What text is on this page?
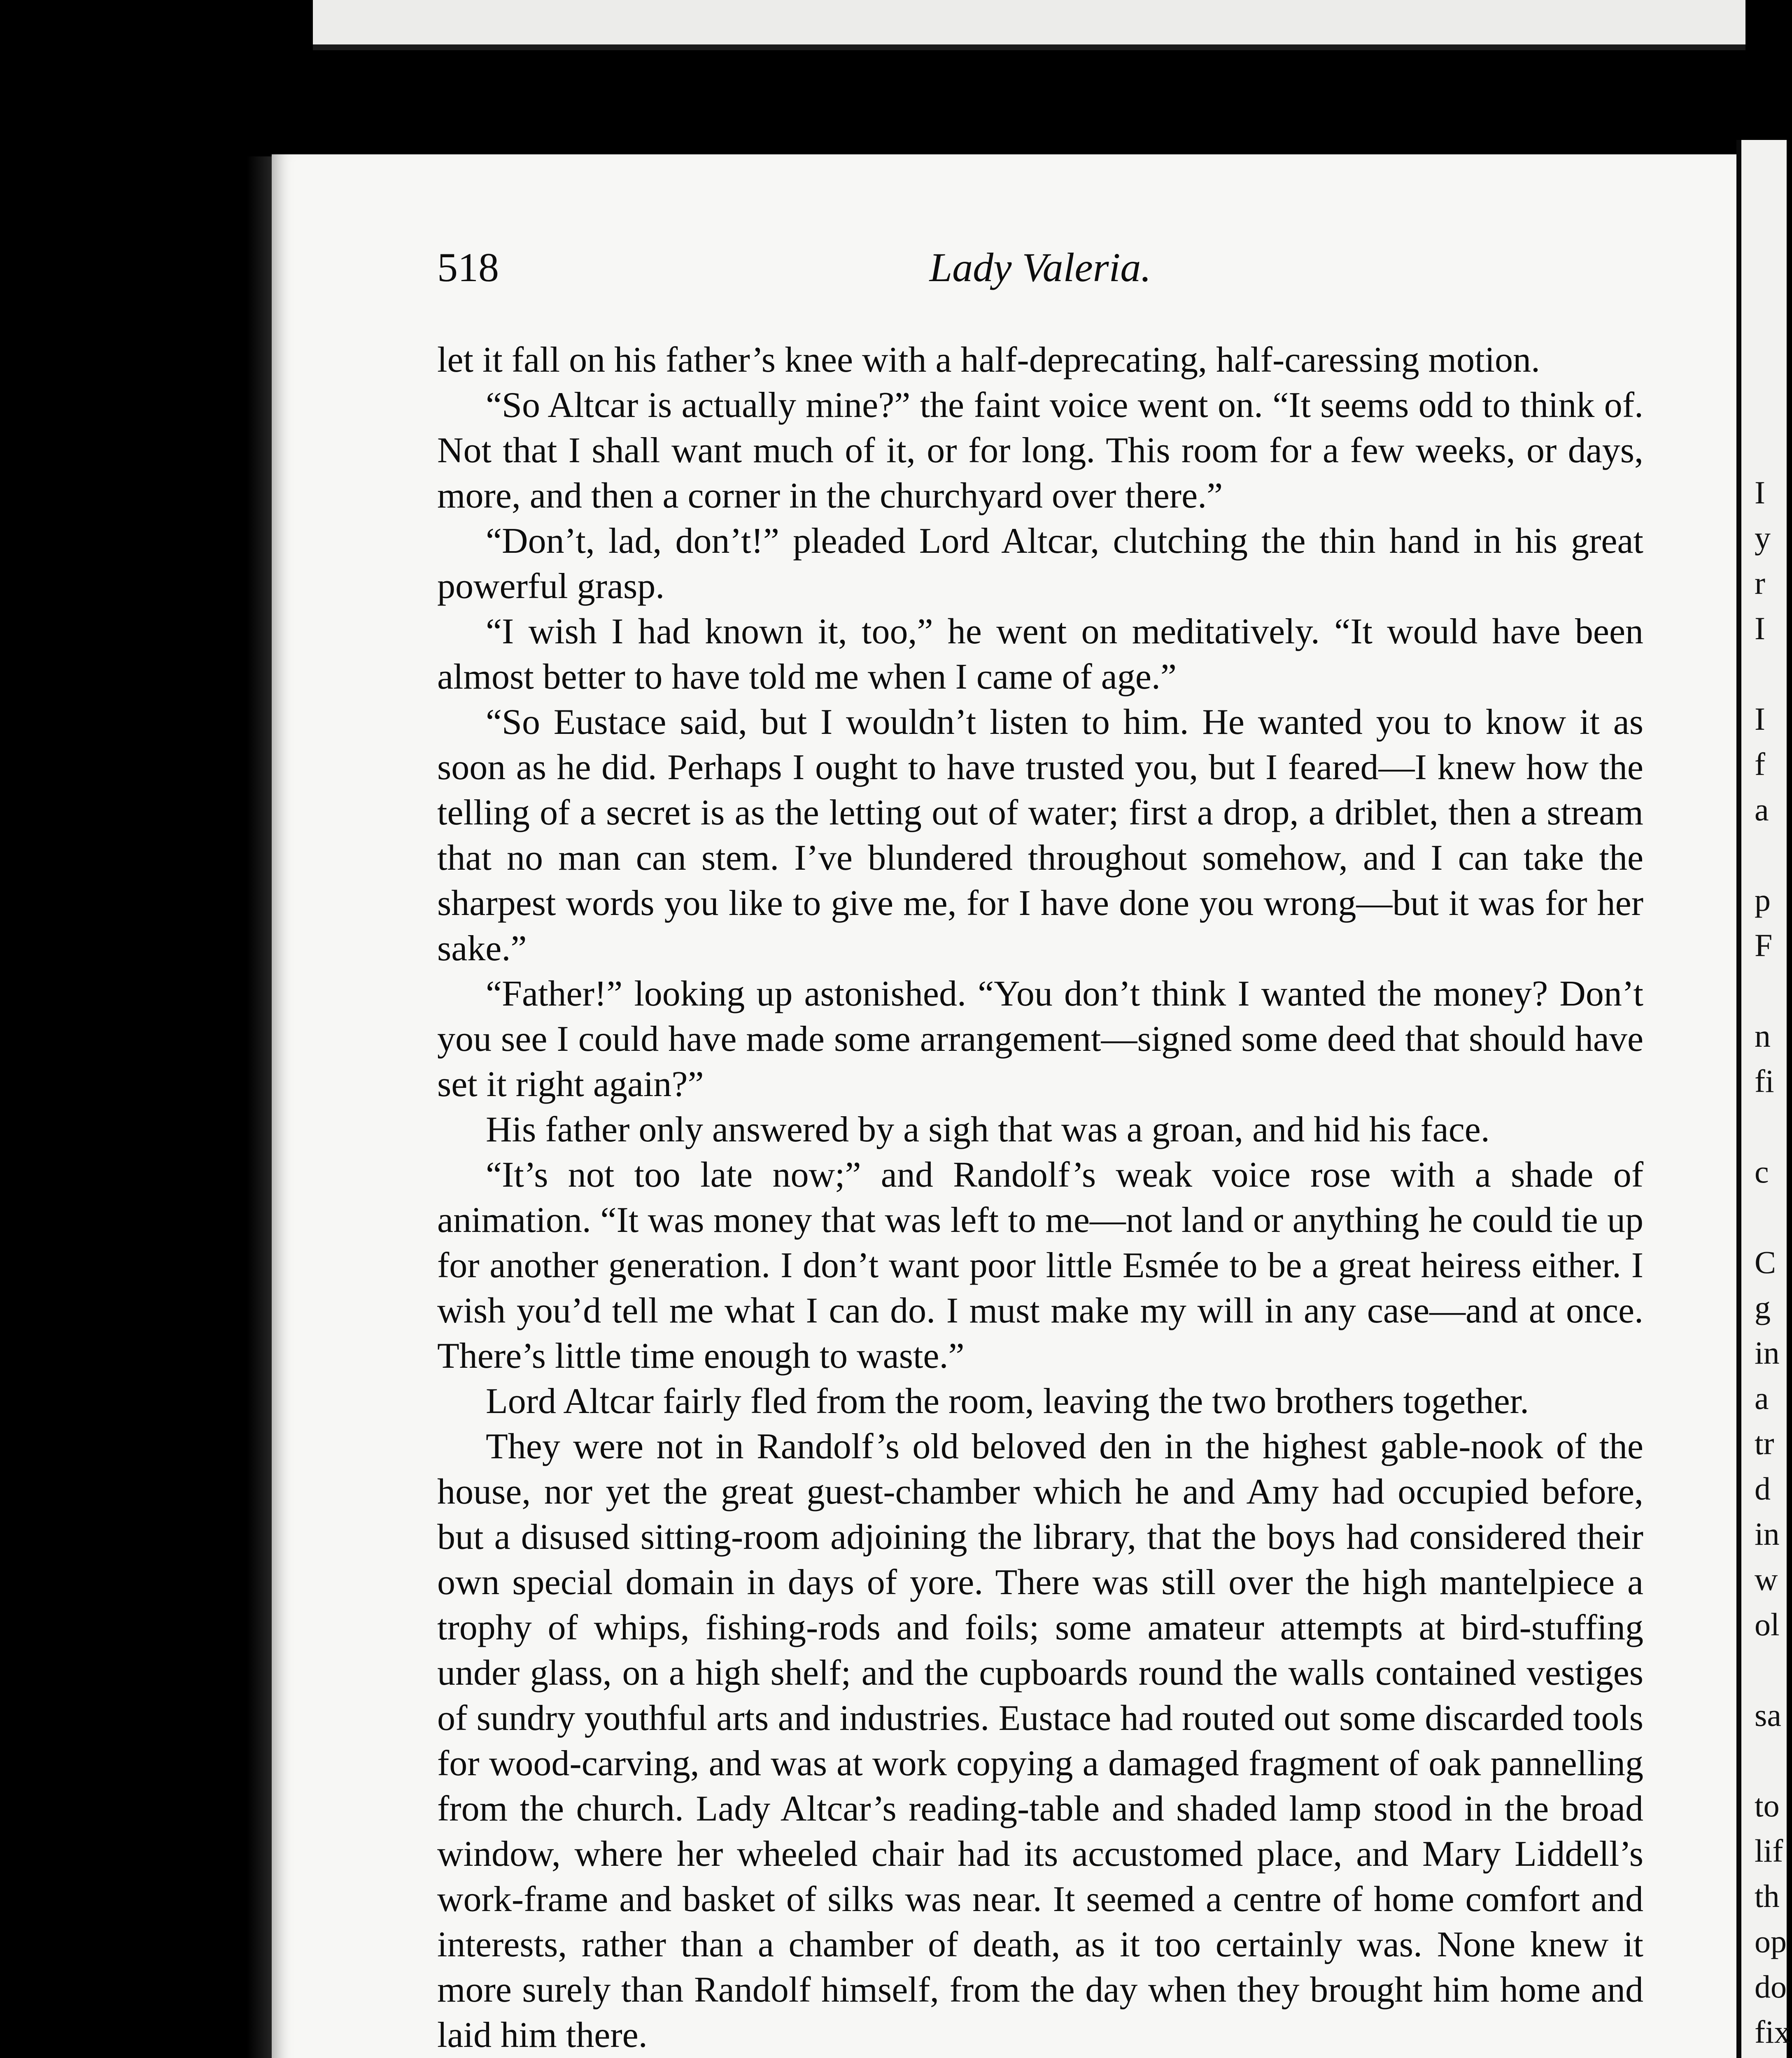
I
y
r
I

I
f
a

p
F

n
fi

c

C
g
in
a
tr
d
in
w
ol

sa

to
lif
th
op
do
fix

518	Lady Valeria.

let it fall on his father’s knee with a half-deprecating, half-caressing motion.

“So Altcar is actually mine?” the faint voice went on. “It seems odd to think of. Not that I shall want much of it, or for long. This room for a few weeks, or days, more, and then a corner in the churchyard over there.”

“Don’t, lad, don’t!” pleaded Lord Altcar, clutching the thin hand in his great powerful grasp.

“I wish I had known it, too,” he went on meditatively. “It would have been almost better to have told me when I came of age.”

“So Eustace said, but I wouldn’t listen to him. He wanted you to know it as soon as he did. Perhaps I ought to have trusted you, but I feared—I knew how the telling of a secret is as the letting out of water; first a drop, a driblet, then a stream that no man can stem. I’ve blundered throughout somehow, and I can take the sharpest words you like to give me, for I have done you wrong—but it was for her sake.”

“Father!” looking up astonished. “You don’t think I wanted the money? Don’t you see I could have made some arrangement—signed some deed that should have set it right again?”

His father only answered by a sigh that was a groan, and hid his face.

“It’s not too late now;” and Randolf’s weak voice rose with a shade of animation. “It was money that was left to me—not land or anything he could tie up for another generation. I don’t want poor little Esmée to be a great heiress either. I wish you’d tell me what I can do. I must make my will in any case—and at once. There’s little time enough to waste.”

Lord Altcar fairly fled from the room, leaving the two brothers together.

They were not in Randolf’s old beloved den in the highest gable-nook of the house, nor yet the great guest-chamber which he and Amy had occupied before, but a disused sitting-room adjoining the library, that the boys had considered their own special domain in days of yore. There was still over the high mantelpiece a trophy of whips, fishing-rods and foils; some amateur attempts at bird-stuffing under glass, on a high shelf; and the cupboards round the walls contained vestiges of sundry youthful arts and industries. Eustace had routed out some discarded tools for wood-carving, and was at work copying a damaged fragment of oak pannelling from the church. Lady Altcar’s reading-table and shaded lamp stood in the broad window, where her wheeled chair had its accustomed place, and Mary Liddell’s work-frame and basket of silks was near. It seemed a centre of home comfort and interests, rather than a chamber of death, as it too certainly was. None knew it more surely than Randolf himself, from the day when they brought him home and laid him there.
